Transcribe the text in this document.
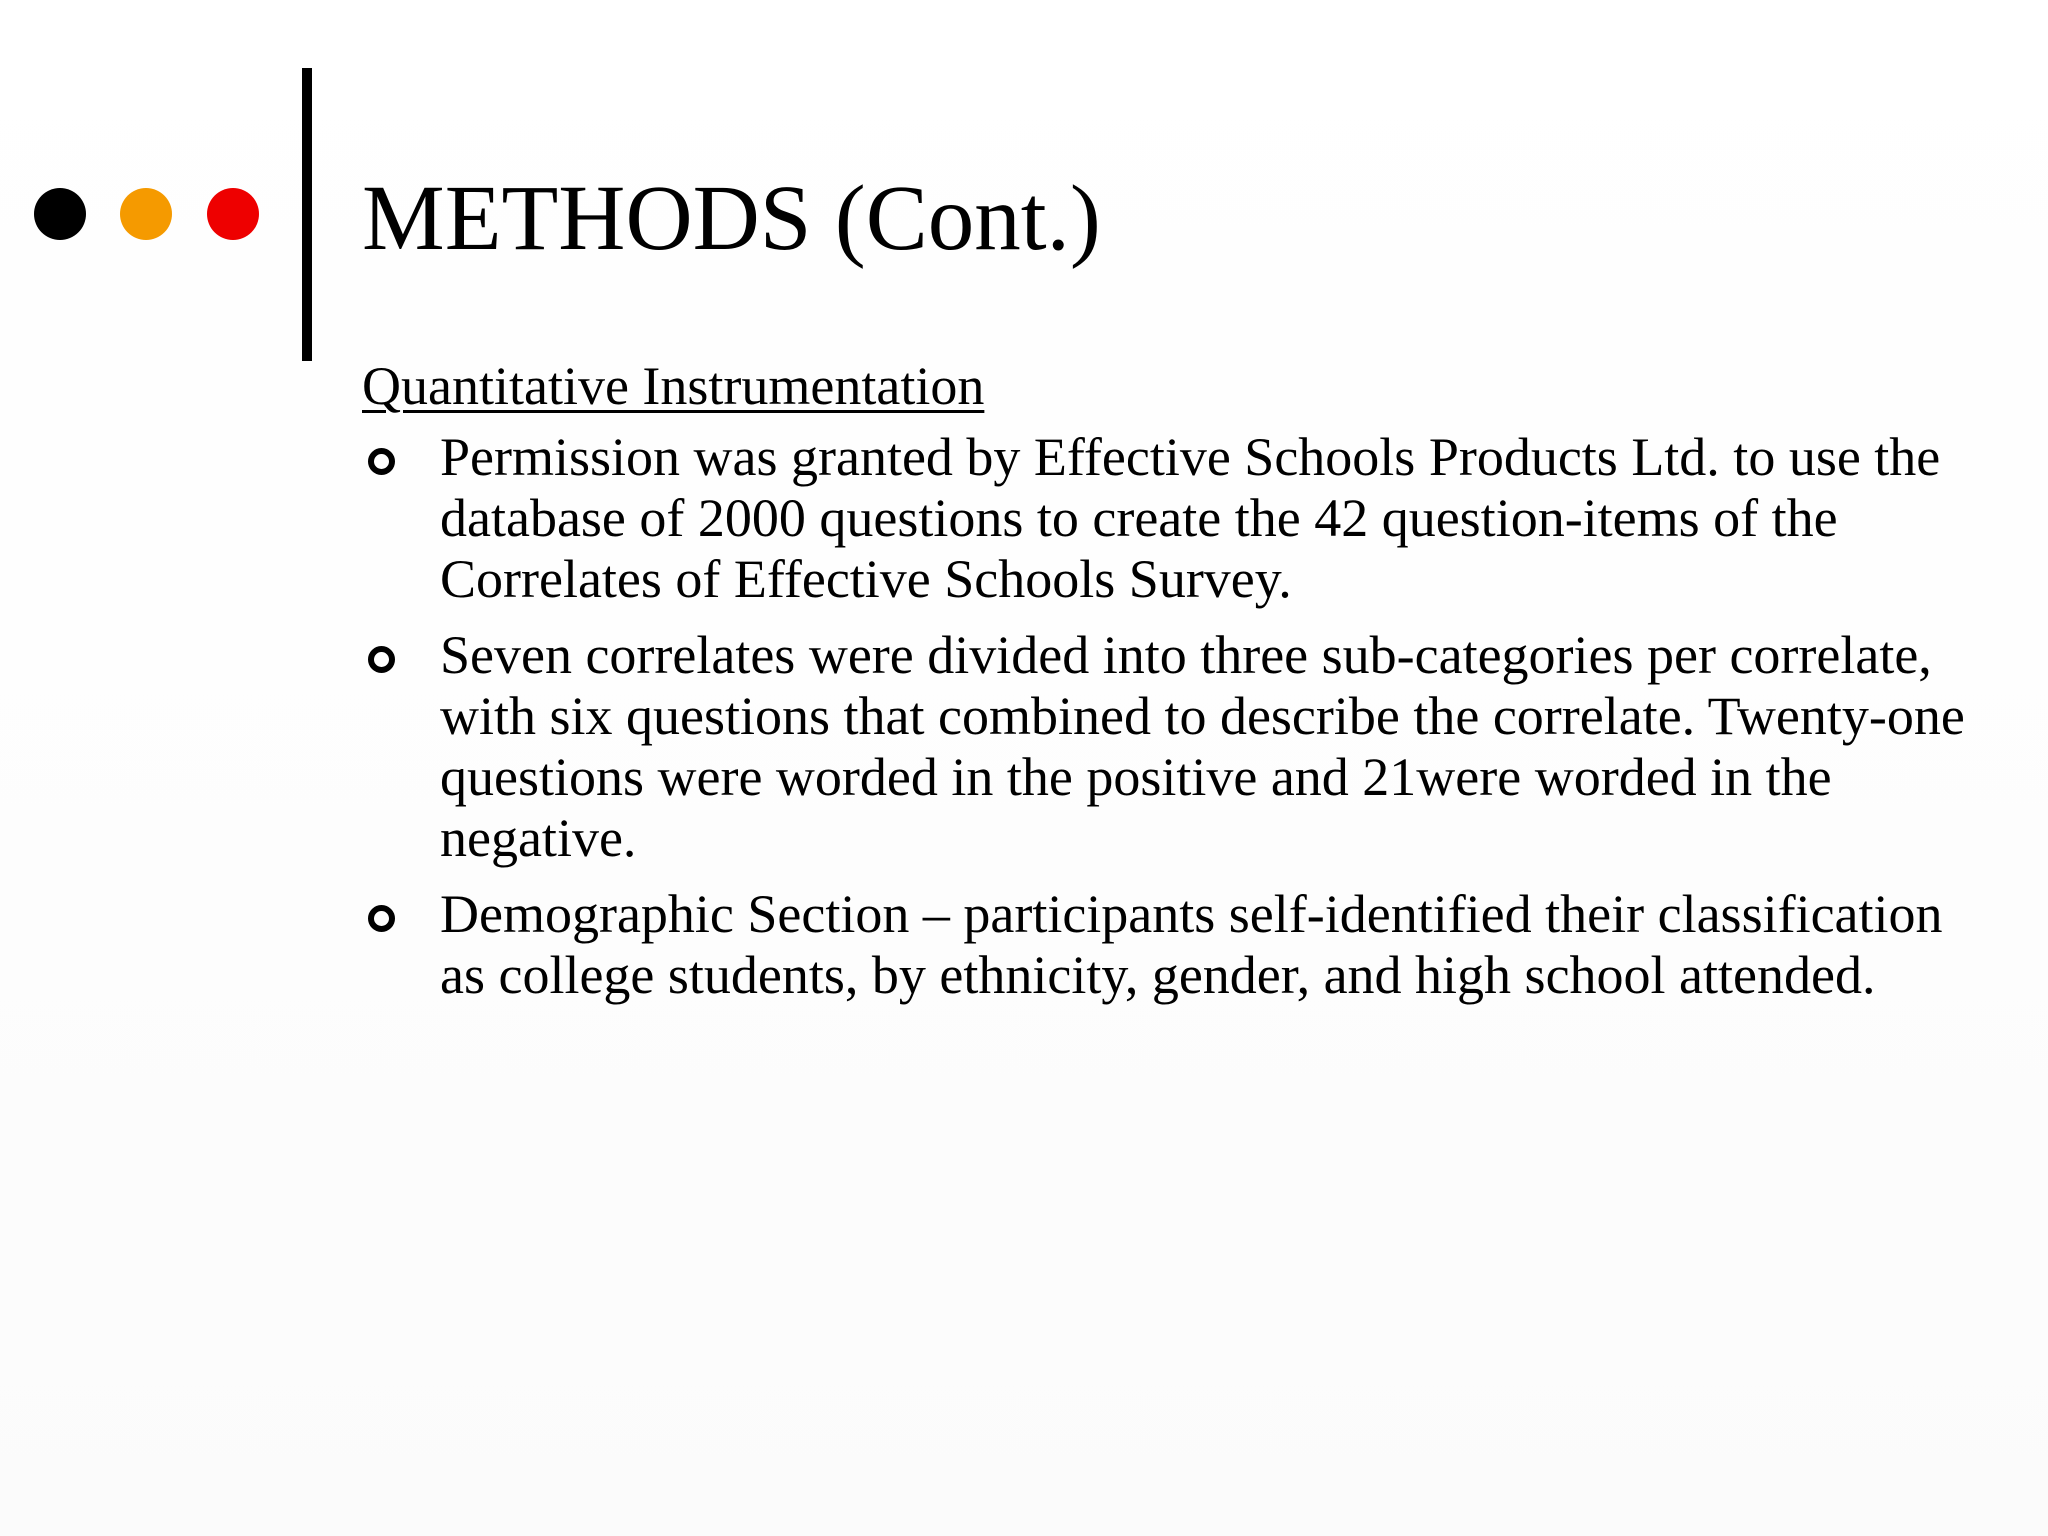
METHODS (Cont.)
Quantitative Instrumentation
Permission was granted by Effective Schools Products Ltd. to use the database of 2000 questions to create the 42 question-items of the Correlates of Effective Schools Survey.
Seven correlates were divided into three sub-categories per correlate, with six questions that combined to describe the correlate. Twenty-one questions were worded in the positive and 21were worded in the negative.
Demographic Section – participants self-identified their classification as college students, by ethnicity, gender, and high school attended.
